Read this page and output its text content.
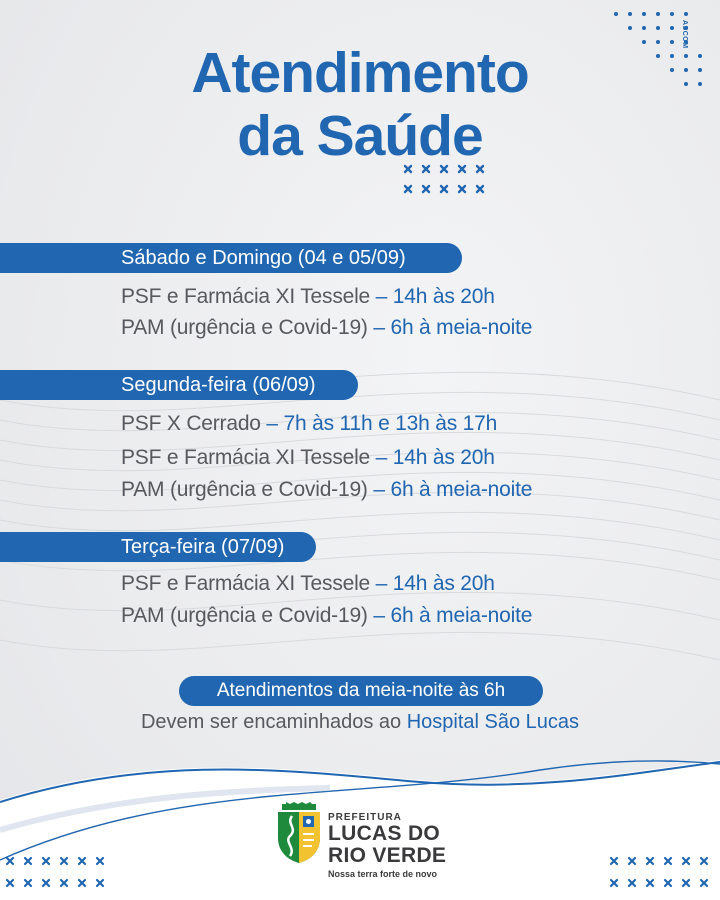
ASCOM
Atendimento
da Saúde
Sábado e Domingo (04 e 05/09)
PSF e Farmácia XI Tessele – 14h às 20h
PAM (urgência e Covid-19) – 6h à meia-noite
Segunda-feira (06/09)
PSF X Cerrado – 7h às 11h e 13h às 17h
PSF e Farmácia XI Tessele – 14h às 20h
PAM (urgência e Covid-19) – 6h à meia-noite
Terça-feira (07/09)
PSF e Farmácia XI Tessele – 14h às 20h
PAM (urgência e Covid-19) – 6h à meia-noite
Atendimentos da meia-noite às 6h
Devem ser encaminhados ao Hospital São Lucas
PREFEITURA
LUCAS DO
RIO VERDE
Nossa terra forte de novo
